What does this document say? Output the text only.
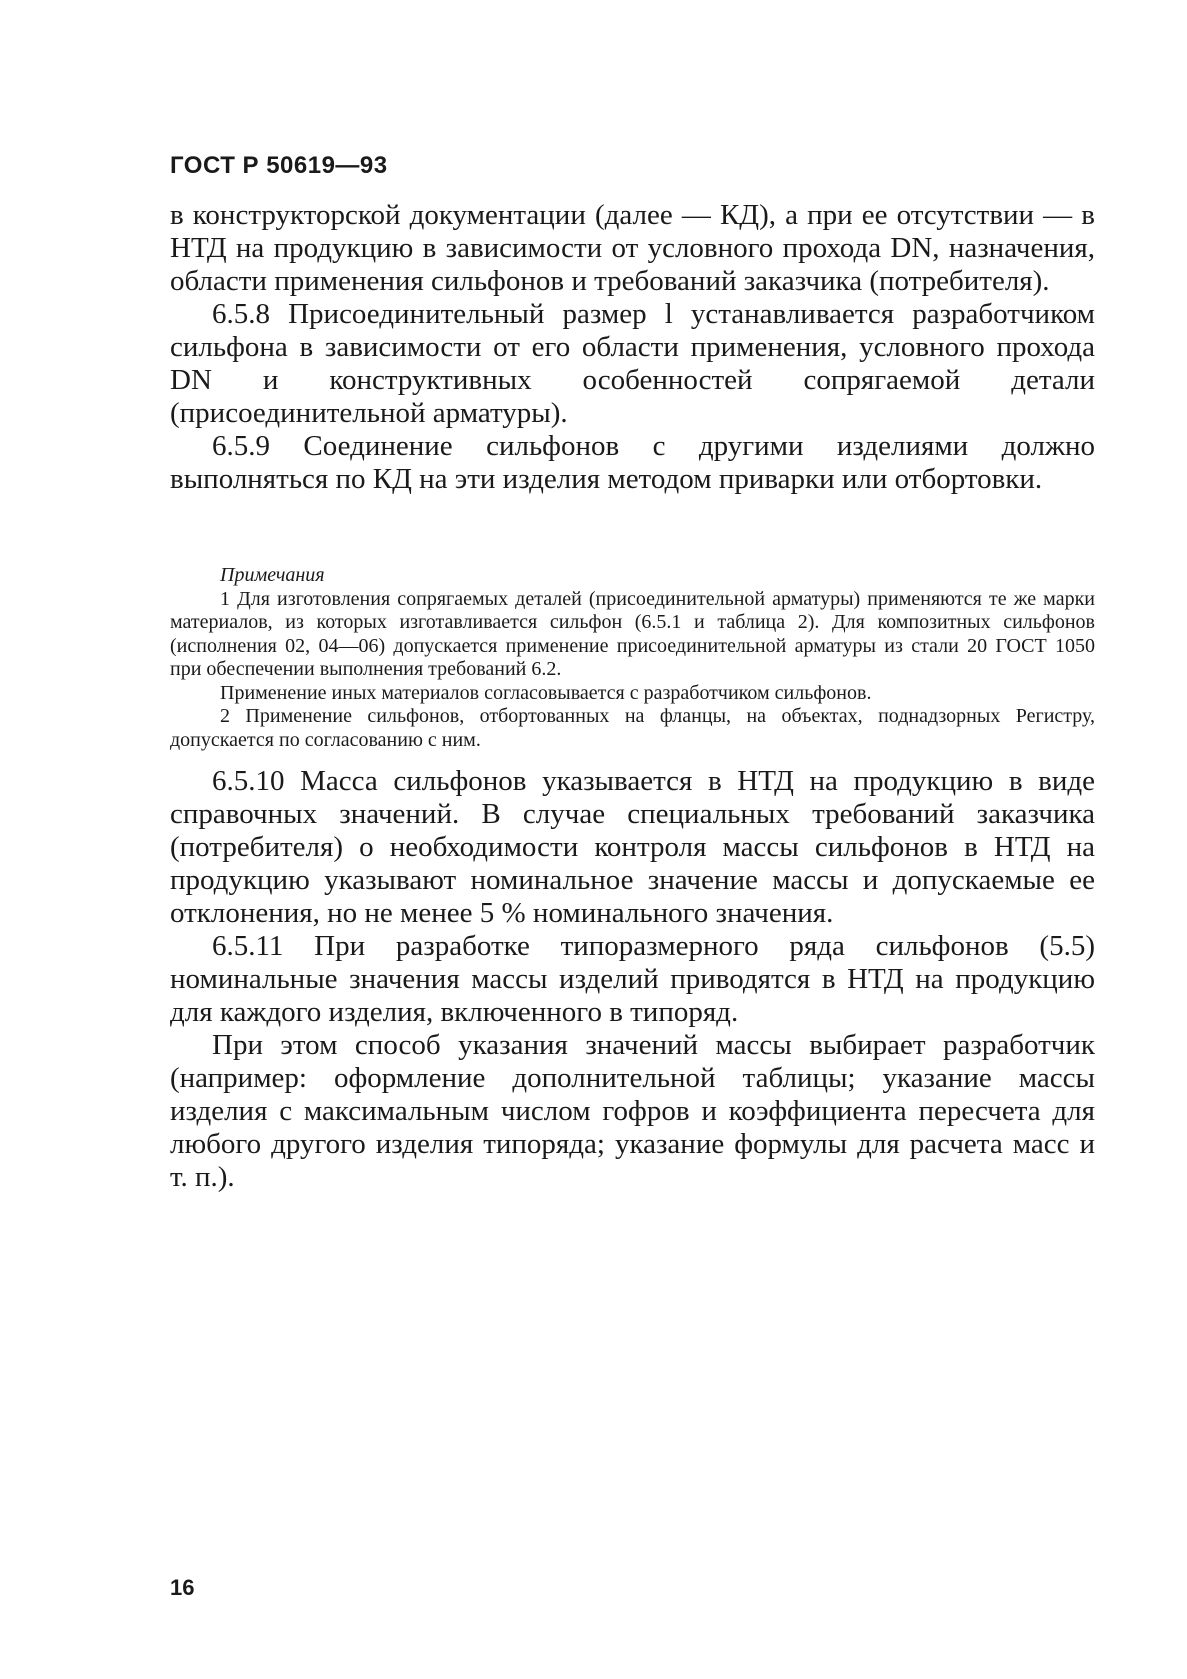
ГОСТ Р 50619—93

в конструкторской документации (далее — КД), а при ее отсутствии — в НТД на продукцию в зависимости от условного прохода DN, назначения, области применения сильфонов и требований заказчика (потребителя).

6.5.8 Присоединительный размер l устанавливается разработчиком сильфона в зависимости от его области применения, условного прохода DN и конструктивных особенностей сопрягаемой детали (присоединительной арматуры).

6.5.9 Соединение сильфонов с другими изделиями должно выполняться по КД на эти изделия методом приварки или отбортовки.

Примечания

1 Для изготовления сопрягаемых деталей (присоединительной арматуры) применяются те же марки материалов, из которых изготавливается сильфон (6.5.1 и таблица 2). Для композитных сильфонов (исполнения 02, 04—06) допускается применение присоединительной арматуры из стали 20 ГОСТ 1050 при обеспечении выполнения требований 6.2.

Применение иных материалов согласовывается с разработчиком сильфонов.

2 Применение сильфонов, отбортованных на фланцы, на объектах, поднадзорных Регистру, допускается по согласованию с ним.

6.5.10 Масса сильфонов указывается в НТД на продукцию в виде справочных значений. В случае специальных требований заказчика (потребителя) о необходимости контроля массы сильфонов в НТД на продукцию указывают номинальное значение массы и допускаемые ее отклонения, но не менее 5 % номинального значения.

6.5.11 При разработке типоразмерного ряда сильфонов (5.5) номинальные значения массы изделий приводятся в НТД на продукцию для каждого изделия, включенного в типоряд.

При этом способ указания значений массы выбирает разработчик (например: оформление дополнительной таблицы; указание массы изделия с максимальным числом гофров и коэффициента пересчета для любого другого изделия типоряда; указание формулы для расчета масс и т. п.).

16
